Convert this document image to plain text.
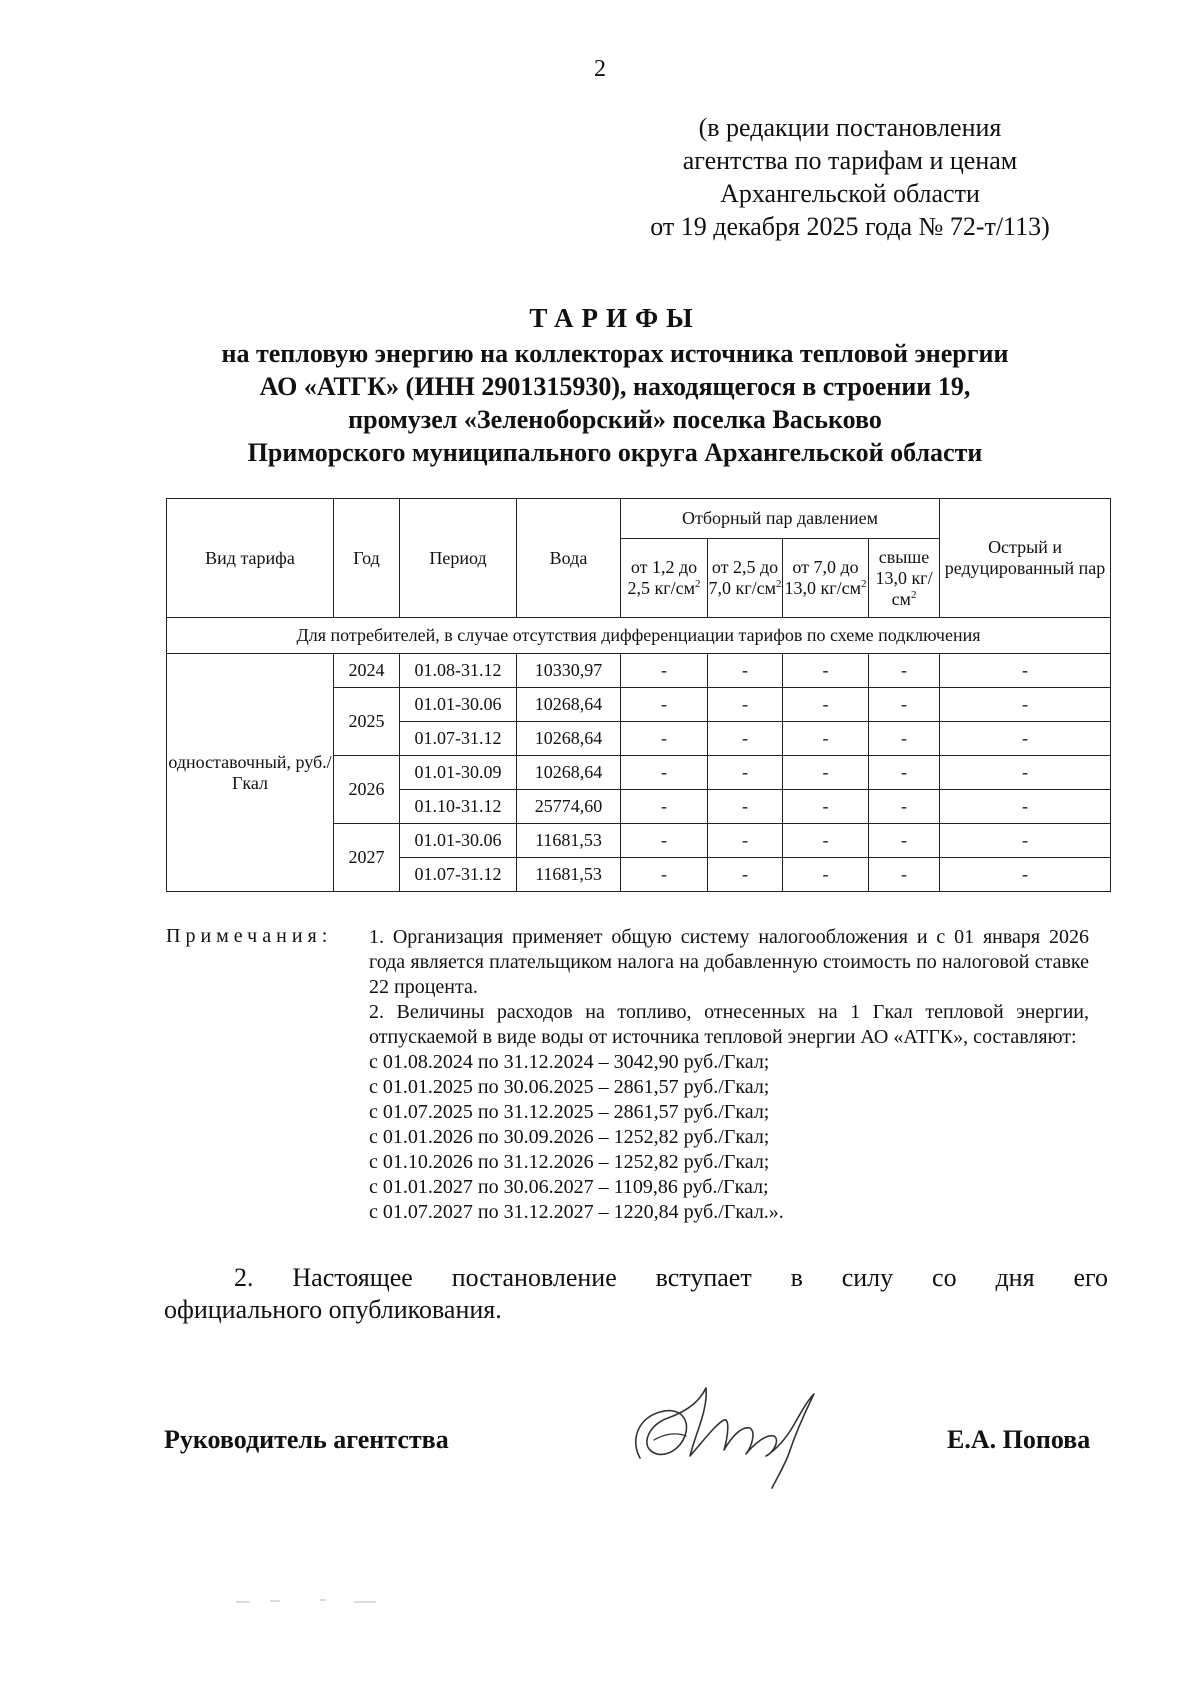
2
(в редакции постановления
агентства по тарифам и ценам
Архангельской области
от 19 декабря 2025 года № 72-т/113)
ТАРИФЫ
на тепловую энергию на коллекторах источника тепловой энергии
АО «АТГК» (ИНН 2901315930), находящегося в строении 19,
промузел «Зеленоборский» поселка Васьково
Приморского муниципального округа Архангельской области
Вид тарифа	Год	Период	Вода	Отборный пар давлением				Острый и редуцированный пар
				от 1,2 до 2,5 $кг/см^2$	от 2,5 до 7,0 $кг/см^2$	от 7,0 до 13,0 $кг/см^2$	свыше 13,0 $кг/см^2$
Для потребителей, в случае отсутствия дифференциации тарифов по схеме подключения								
одноставочный, руб./Гкал	2024	01.08-31.12	10330,97	-	-	-	-	-
	2025	01.01-30.06	10268,64	-	-	-	-	-
		01.07-31.12	10268,64	-	-	-	-	-
	2026	01.01-30.09	10268,64	-	-	-	-	-
		01.10-31.12	25774,60	-	-	-	-	-
	2027	01.01-30.06	11681,53	-	-	-	-	-
		01.07-31.12	11681,53	-	-	-	-	-
Примечания: 1. Организация применяет общую систему налогообложения и с 01 января 2026 года является плательщиком налога на добавленную стоимость по налоговой ставке 22 процента.

2. Величины расходов на топливо, отнесенных на 1 Гкал тепловой энергии, отпускаемой в виде воды от источника тепловой энергии АО «АТГК», составляют:

с 01.08.2024 по 31.12.2024 – 3042,90 руб./Гкал;
с 01.01.2025 по 30.06.2025 – 2861,57 руб./Гкал;
с 01.07.2025 по 31.12.2025 – 2861,57 руб./Гкал;
с 01.01.2026 по 30.09.2026 – 1252,82 руб./Гкал;
с 01.10.2026 по 31.12.2026 – 1252,82 руб./Гкал;
с 01.01.2027 по 30.06.2027 – 1109,86 руб./Гкал;
с 01.07.2027 по 31.12.2027 – 1220,84 руб./Гкал.».
2. Настоящее постановление вступает в силу со дня его
официального опубликования.
Руководитель агентства	Е.А. Попова
